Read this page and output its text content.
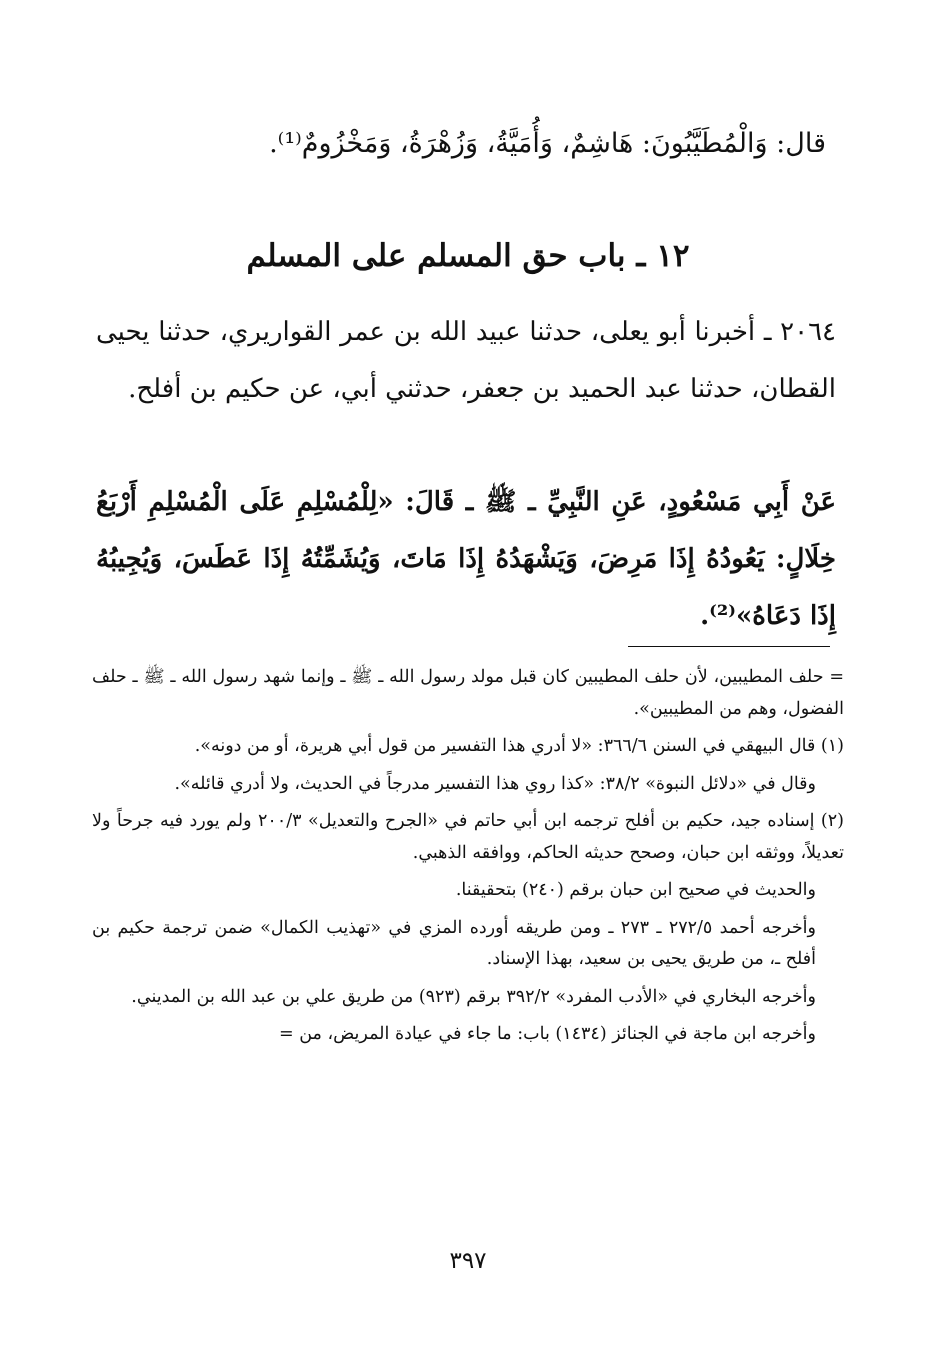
قال: وَالْمُطَيَّبُونَ: هَاشِمٌ، وَأُمَيَّةُ، وَزُهْرَةُ، وَمَخْزُومٌ⁽¹⁾.
١٢ ـ باب حق المسلم على المسلم
٢٠٦٤ ـ أخبرنا أبو يعلى، حدثنا عبيد الله بن عمر القواريري، حدثنا يحيى القطان، حدثنا عبد الحميد بن جعفر، حدثني أبي، عن حكيم بن أفلح.
عَنْ أَبِي مَسْعُودٍ، عَنِ النَّبِيِّ ـ ﷺ ـ قَالَ: «لِلْمُسْلِمِ عَلَى الْمُسْلِمِ أَرْبَعُ خِلَالٍ: يَعُودُهُ إِذَا مَرِضَ، وَيَشْهَدُهُ إِذَا مَاتَ، وَيُشَمِّتُهُ إِذَا عَطَسَ، وَيُجِيبُهُ إِذَا دَعَاهُ»⁽²⁾.

= حلف المطيبين، لأن حلف المطيبين كان قبل مولد رسول الله ـ ﷺ ـ وإنما شهد رسول الله ـ ﷺ ـ حلف الفضول، وهم من المطيبين».

(١) قال البيهقي في السنن ٣٦٦/٦: «لا أدري هذا التفسير من قول أبي هريرة، أو من دونه».

وقال في «دلائل النبوة» ٣٨/٢: «كذا روي هذا التفسير مدرجاً في الحديث، ولا أدري قائله».

(٢) إسناده جيد، حكيم بن أفلح ترجمه ابن أبي حاتم في «الجرح والتعديل» ٢٠٠/٣ ولم يورد فيه جرحاً ولا تعديلاً، ووثقه ابن حبان، وصحح حديثه الحاكم، ووافقه الذهبي.

والحديث في صحيح ابن حبان برقم (٢٤٠) بتحقيقنا.

وأخرجه أحمد ٢٧٢/٥ ـ ٢٧٣ ـ ومن طريقه أورده المزي في «تهذيب الكمال» ضمن ترجمة حكيم بن أفلح ـ، من طريق يحيى بن سعيد، بهذا الإسناد.

وأخرجه البخاري في «الأدب المفرد» ٣٩٢/٢ برقم (٩٢٣) من طريق علي بن عبد الله بن المديني.

وأخرجه ابن ماجة في الجنائز (١٤٣٤) باب: ما جاء في عيادة المريض، من =

٣٩٧
